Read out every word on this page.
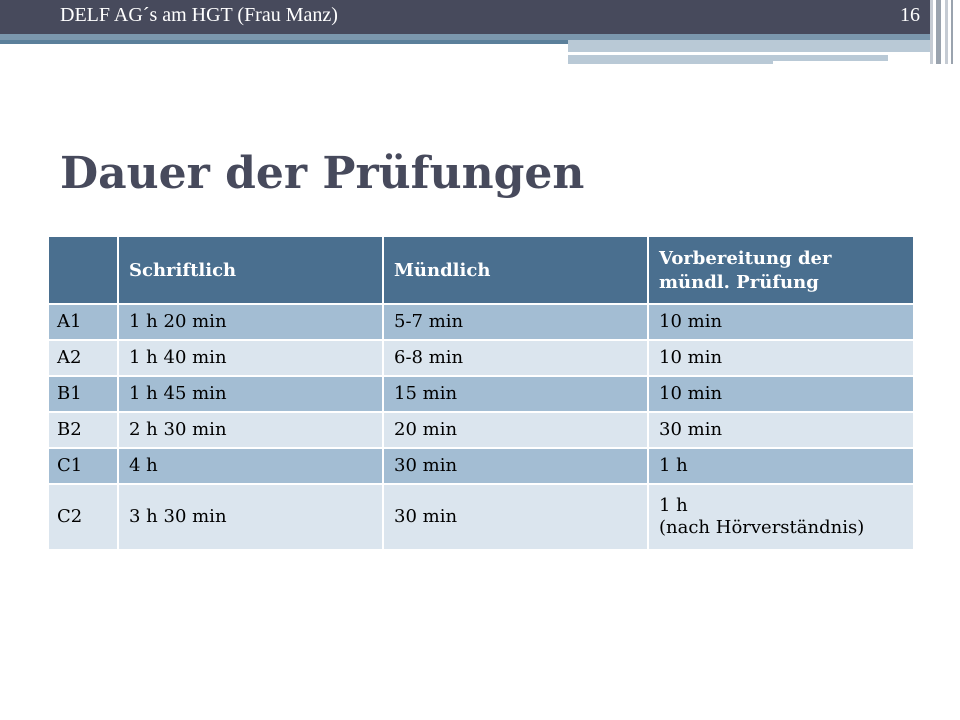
DELF AG´s am HGT (Frau Manz)	16
Dauer der Prüfungen
	Schriftlich	Mündlich	Vorbereitung der mündl. Prüfung
A1	1 h 20 min	5-7 min	10 min
A2	1 h 40 min	6-8 min	10 min
B1	1 h 45 min	15 min	10 min
B2	2 h 30 min	20 min	30 min
C1	4 h	30 min	1 h
C2	3 h 30 min	30 min	1 h
(nach Hörverständnis)
